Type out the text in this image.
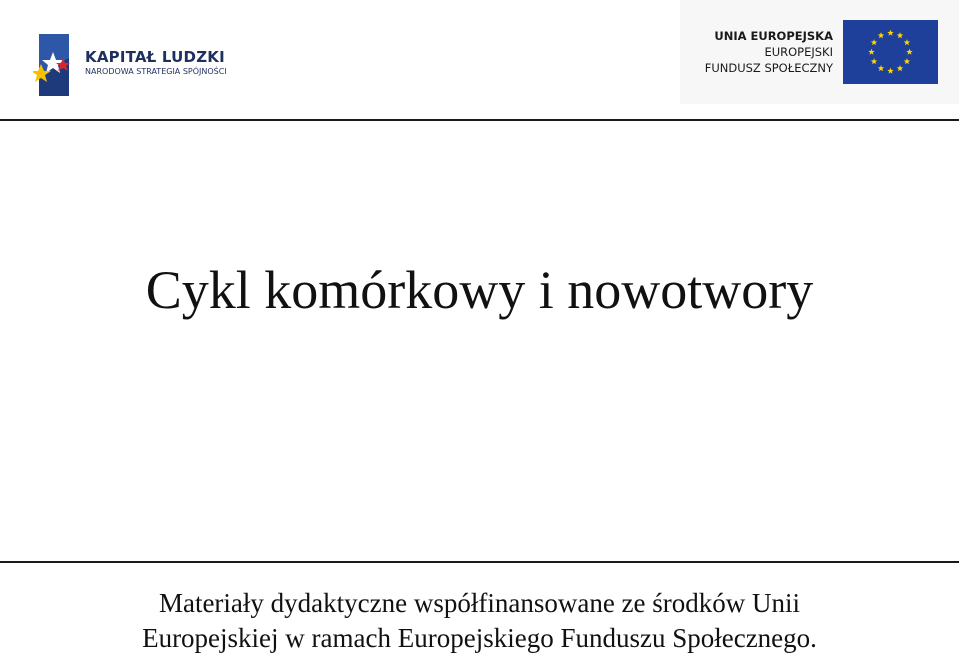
KAPITAŁ LUDZKI
NARODOWA STRATEGIA SPÓJNOŚCI
UNIA EUROPEJSKA
EUROPEJSKI
FUNDUSZ SPOŁECZNY
Cykl komórkowy i nowotwory
Materiały dydaktyczne współfinansowane ze środków Unii
Europejskiej w ramach Europejskiego Funduszu Społecznego.
